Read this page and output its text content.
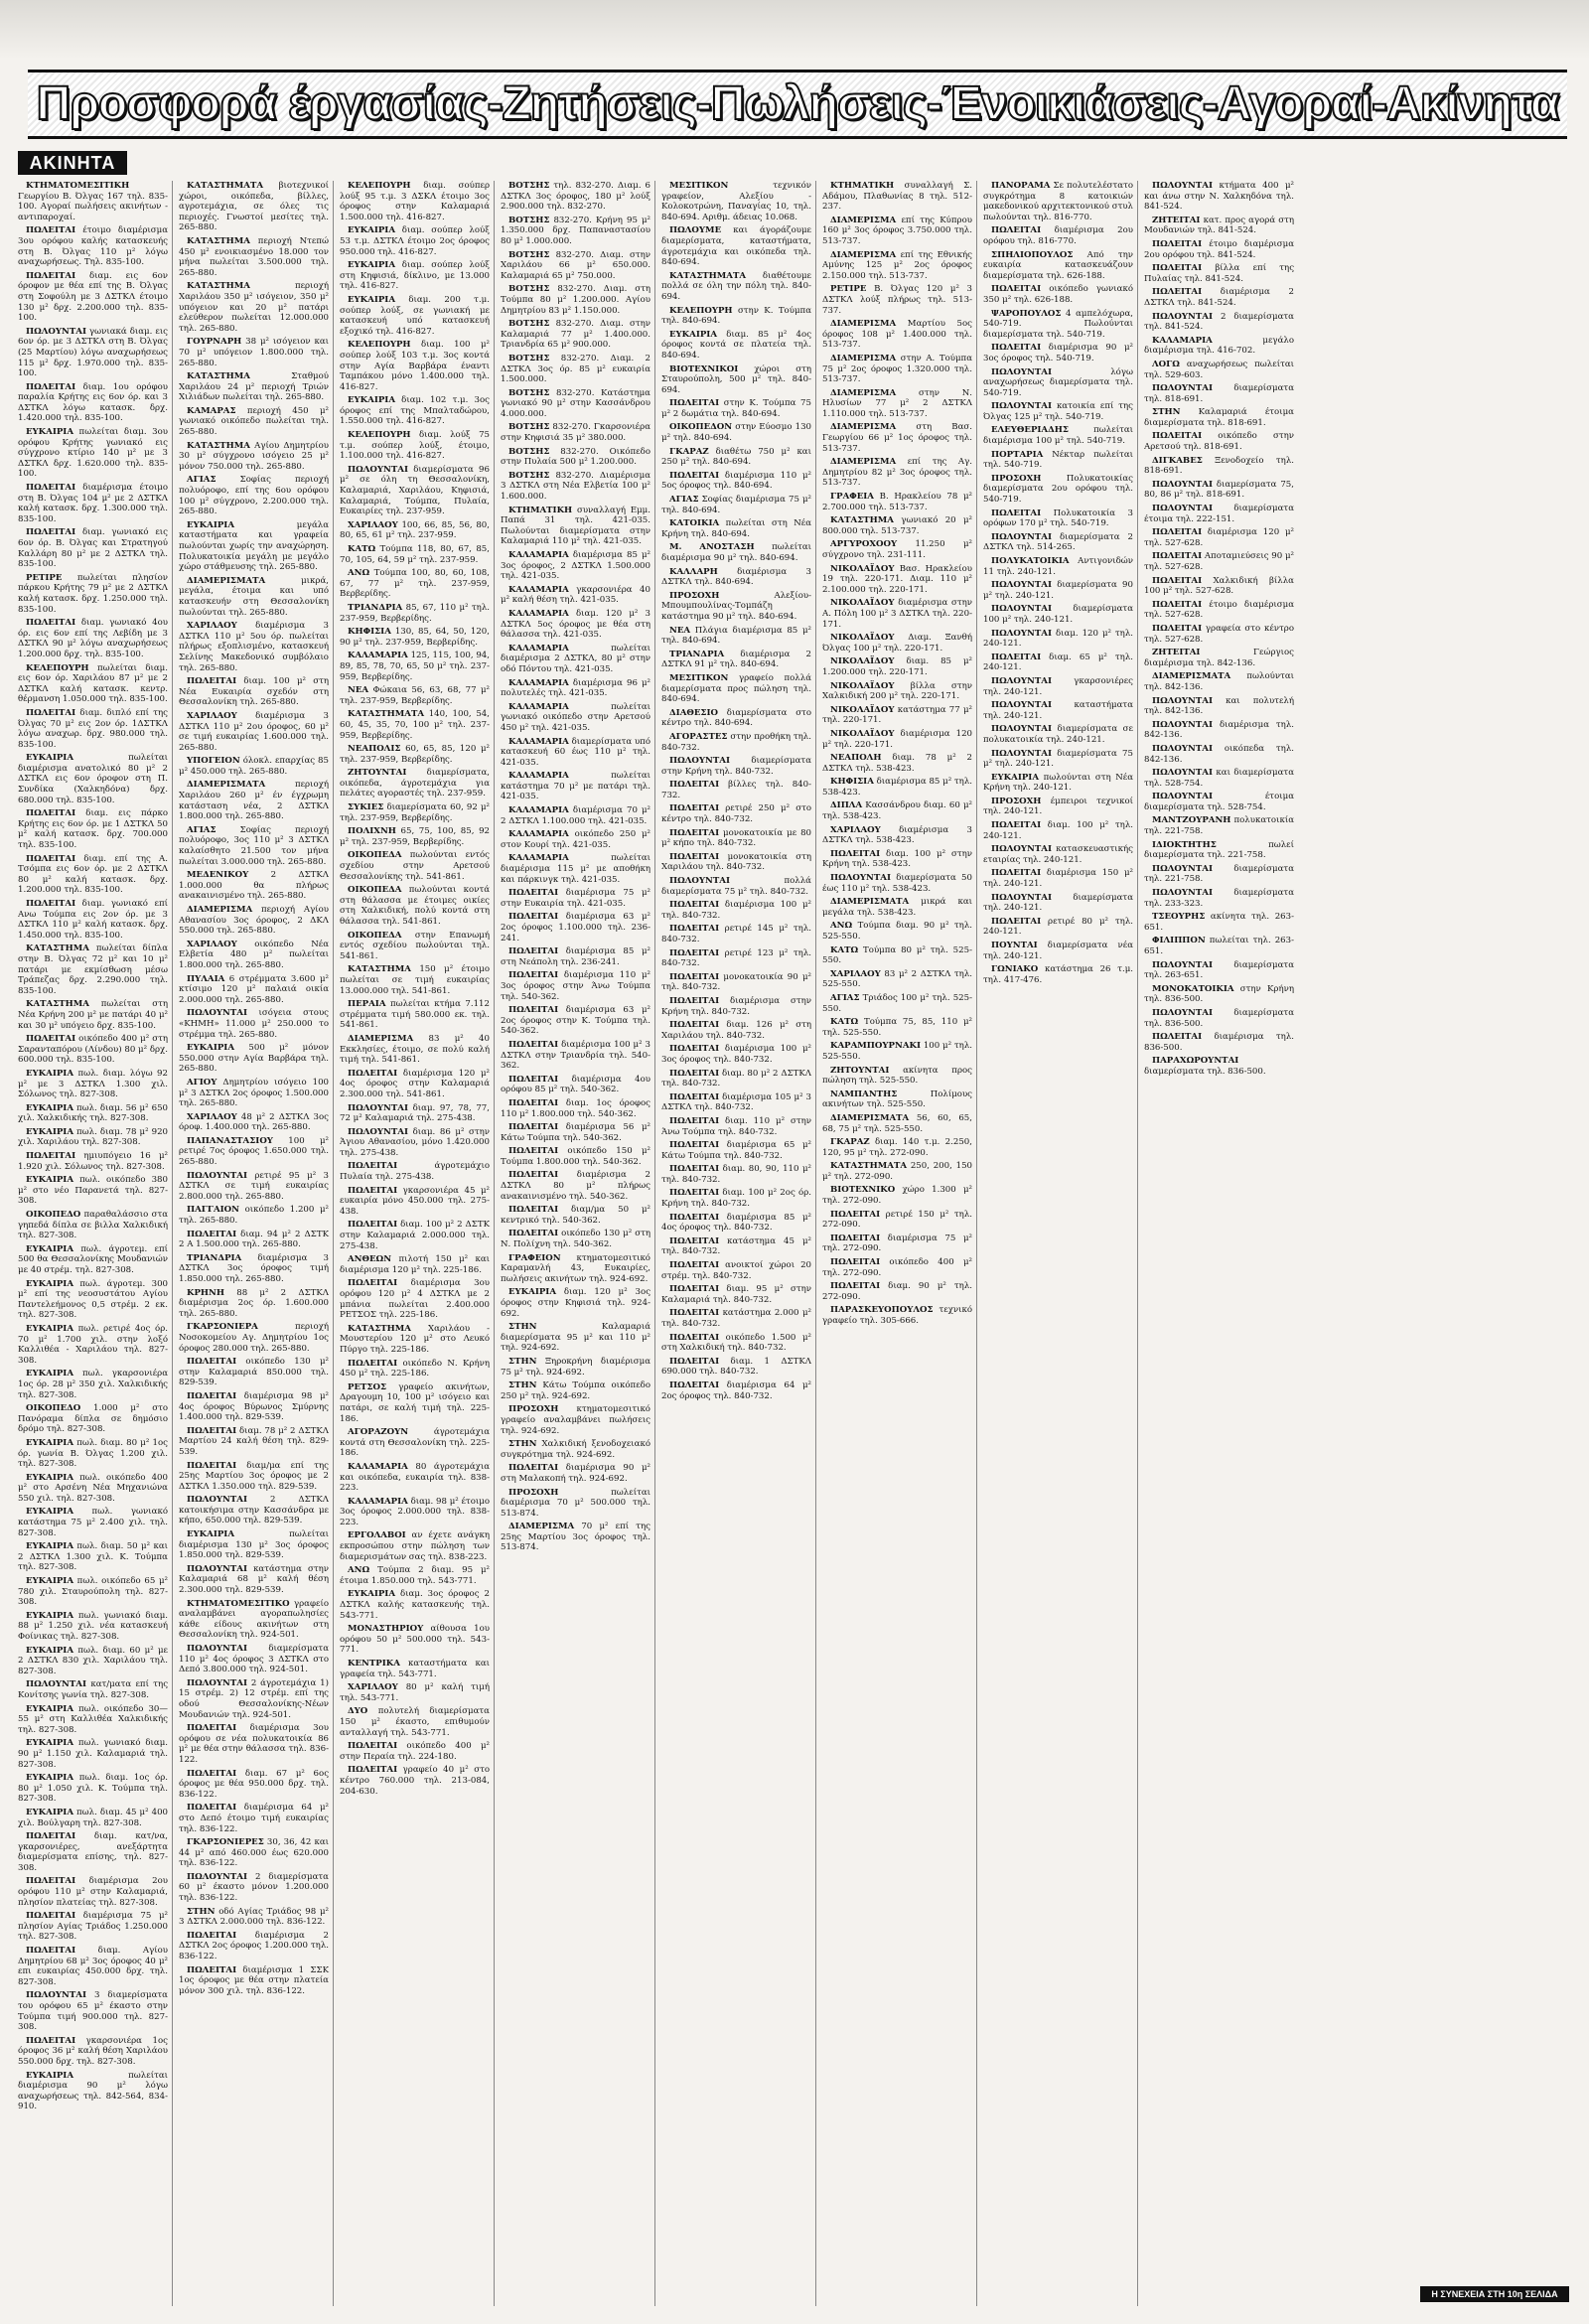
Προσφορά έργασίας-Ζητήσεις-Πωλήσεις-Ένοικιάσεις-Αγοραί-Ακίνητα
ΑΚΙΝΗΤΑ

ΚΤΗΜΑΤΟΜΕΣΙΤΙΚΗ Γεωργίου Β. Όλγας 167 τηλ. 835-100. Αγοραί πωλήσεις ακινήτων - αντιπαροχαί.

ΠΩΛΕΙΤΑΙ έτοιμο διαμέρισμα 3ου ορόφου καλής κατασκευής στη Β. Όλγας 110 μ² λόγω αναχωρήσεως. Τηλ. 835-100.

ΠΩΛΕΙΤΑΙ διαμ. εις 6ον όροφον με θέα επί της Β. Όλγας στη Σοφούλη με 3 ΔΣΤΚΛ έτοιμο 130 μ² δρχ. 2.200.000 τηλ. 835-100.

ΠΩΛΟΥΝΤΑΙ γωνιακά διαμ. εις 6ον όρ. με 3 ΔΣΤΚΛ στη Β. Όλγας (25 Μαρτίου) λόγω αναχωρήσεως 115 μ² δρχ. 1.970.000 τηλ. 835-100.

ΠΩΛΕΙΤΑΙ διαμ. 1ου ορόφου παραλία Κρήτης εις 6ον όρ. και 3 ΔΣΤΚΛ λόγω κατασκ. δρχ. 1.420.000 τηλ. 835-100.

ΕΥΚΑΙΡΙΑ πωλείται διαμ. 3ου ορόφου Κρήτης γωνιακό εις σύγχρονο κτίριο 140 μ² με 3 ΔΣΤΚΛ δρχ. 1.620.000 τηλ. 835-100.

ΠΩΛΕΙΤΑΙ διαμέρισμα έτοιμο στη Β. Όλγας 104 μ² με 2 ΔΣΤΚΛ καλή κατασκ. δρχ. 1.300.000 τηλ. 835-100.

ΠΩΛΕΙΤΑΙ διαμ. γωνιακό εις 6ον όρ. Β. Όλγας και Στρατηγού Καλλάρη 80 μ² με 2 ΔΣΤΚΛ τηλ. 835-100.

ΡΕΤΙΡΕ πωλείται πλησίον πάρκου Κρήτης 79 μ² με 2 ΔΣΤΚΛ καλή κατασκ. δρχ. 1.250.000 τηλ. 835-100.

ΠΩΛΕΙΤΑΙ διαμ. γωνιακό 4ου όρ. εις 6ον επί της Λεβίδη με 3 ΔΣΤΚΛ 90 μ² λόγω αναχωρήσεως 1.200.000 δρχ. τηλ. 835-100.

ΚΕΛΕΠΟΥΡΗ πωλείται διαμ. εις 6ον όρ. Χαριλάου 87 μ² με 2 ΔΣΤΚΛ καλή κατασκ. κεντρ. θέρμανση 1.050.000 τηλ. 835-100.

ΠΩΛΕΙΤΑΙ διαμ. διπλό επί της Όλγας 70 μ² εις 2ον όρ. 1ΔΣΤΚΛ λόγω αναχωρ. δρχ. 980.000 τηλ. 835-100.

ΕΥΚΑΙΡΙΑ	πωλείται διαμέρισμα ανατολικό 80 μ² 2 ΔΣΤΚΛ εις 6ον όροφον στη Π. Συνδίκα (Χαλκηδόνα) δρχ. 680.000 τηλ. 835-100.

ΠΩΛΕΙΤΑΙ διαμ. εις πάρκο Κρήτης εις 6ον όρ. με 1 ΔΣΤΚΛ 50 μ² καλή κατασκ. δρχ. 700.000 τηλ. 835-100.

ΠΩΛΕΙΤΑΙ διαμ. επί της Α. Τσόμπα εις 6ον όρ. με 2 ΔΣΤΚΛ 80 μ² καλή κατασκ. δρχ. 1.200.000 τηλ. 835-100.

ΠΩΛΕΙΤΑΙ διαμ. γωνιακό επί Ανω Τούμπα εις 2ον όρ. με 3 ΔΣΤΚΛ 110 μ² καλή κατασκ. δρχ. 1.450.000 τηλ. 835-100.

ΚΑΤΑΣΤΗΜΑ πωλείται δίπλα στην Β. Όλγας 72 μ² και 10 μ² πατάρι με εκμίσθωση μέσω Τράπεζας δρχ. 2.290.000 τηλ. 835-100.

ΚΑΤΑΣΤΗΜΑ πωλείται στη Νέα Κρήνη 200 μ² με πατάρι 40 μ² και 30 μ² υπόγειο δρχ. 835-100.

ΠΩΛΕΙΤΑΙ οικόπεδο 400 μ² στη Σαρανταπόρου (Λίνδου) 80 μ² δρχ. 600.000 τηλ. 835-100.

ΕΥΚΑΙΡΙΑ πωλ. διαμ. λόγω 92 μ² με 3 ΔΣΤΚΛ 1.300 χιλ. Σόλωνος τηλ. 827-308.

ΕΥΚΑΙΡΙΑ πωλ. διαμ. 56 μ² 650 χιλ. Χαλκιδικής τηλ. 827-308.

ΕΥΚΑΙΡΙΑ πωλ. διαμ. 78 μ² 920 χιλ. Χαριλάου τηλ. 827-308.

ΠΩΛΕΙΤΑΙ ημιυπόγειο 16 μ² 1.920 χιλ. Σόλωνος τηλ. 827-308.

ΕΥΚΑΙΡΙΑ πωλ. οικόπεδο 380 μ² στο νέο Παρανετά τηλ. 827-308.

ΟΙΚΟΠΕΔΟ παραθαλάσσιο στα γηπεδά δίπλα σε βιλλα Χαλκιδική τηλ. 827-308.

ΕΥΚΑΙΡΙΑ πωλ. άγροτεμ. επί 500 θα Θεσσαλονίκης Μουδανιών με 40 στρέμ. τηλ. 827-308.

ΕΥΚΑΙΡΙΑ πωλ. άγροτεμ. 300 μ² επί της νεοσυστάτου Αγίου Παντελεήμονος 0,5 στρέμ. 2 εκ. τηλ. 827-308.

ΕΥΚΑΙΡΙΑ πωλ. ρετιρέ 4ος όρ. 70 μ² 1.700 χιλ. στην λοξό Καλλιθέα - Χαριλάου τηλ. 827-308.

ΕΥΚΑΙΡΙΑ πωλ. γκαρσονιέρα 1ος όρ. 28 μ² 350 χιλ. Χαλκιδικής τηλ. 827-308.

ΟΙΚΟΠΕΔΟ 1.000 μ² στο Πανόραμα δίπλα σε δημόσιο δρόμο τηλ. 827-308.

ΕΥΚΑΙΡΙΑ πωλ. διαμ. 80 μ² 1ος όρ. γωνία Β. Όλγας 1.200 χιλ. τηλ. 827-308.

ΕΥΚΑΙΡΙΑ πωλ. οικόπεδο 400 μ² στο Αρσένη Νέα Μηχανιώνα 550 χιλ. τηλ. 827-308.

ΕΥΚΑΙΡΙΑ πωλ. γωνιακό κατάστημα 75 μ² 2.400 χιλ. τηλ. 827-308.

ΕΥΚΑΙΡΙΑ πωλ. διαμ. 50 μ² και 2 ΔΣΤΚΛ 1.300 χιλ. Κ. Τούμπα τηλ. 827-308.

ΕΥΚΑΙΡΙΑ πωλ. οικόπεδο 65 μ² 780 χιλ. Σταυρούπολη τηλ. 827-308.

ΕΥΚΑΙΡΙΑ πωλ. γωνιακό διαμ. 88 μ² 1.250 χιλ. νέα κατασκευή Φοίνικας τηλ. 827-308.

ΕΥΚΑΙΡΙΑ πωλ. διαμ. 60 μ² με 2 ΔΣΤΚΛ 830 χιλ. Χαριλάου τηλ. 827-308.

ΠΩΛΟΥΝΤΑΙ κατ/ματα επί της Κονίτσης γωνία τηλ. 827-308.

ΕΥΚΑΙΡΙΑ πωλ. οικόπεδο 30—55 μ² στη Καλλιθέα Χαλκιδικής τηλ. 827-308.

ΕΥΚΑΙΡΙΑ πωλ. γωνιακό διαμ. 90 μ² 1.150 χιλ. Καλαμαριά τηλ. 827-308.

ΕΥΚΑΙΡΙΑ πωλ. διαμ. 1ος όρ. 80 μ² 1.050 χιλ. Κ. Τούμπα τηλ. 827-308.

ΕΥΚΑΙΡΙΑ πωλ. διαμ. 45 μ² 400 χιλ. Βούλγαρη τηλ. 827-308.

ΠΩΛΕΙΤΑΙ διαμ. κατ/να, γκαρσονιέρες, ανεξάρτητα διαμερίσματα επίσης, τηλ. 827-308.

ΠΩΛΕΙΤΑΙ διαμέρισμα 2ου ορόφου 110 μ² στην Καλαμαριά, πλησίον πλατείας τηλ. 827-308.

ΠΩΛΕΙΤΑΙ διαμέρισμα 75 μ² πλησίον Αγίας Τριάδος 1.250.000 τηλ. 827-308.

ΠΩΛΕΙΤΑΙ	διαμ. Αγίου Δημητρίου 68 μ² 3ος όροφος 40 μ² επι ευκαιρίας 450.000 δρχ. τηλ. 827-308.

ΠΩΛΟΥΝΤΑΙ 3 διαμερίσματα του ορόφου 65 μ² έκαστο στην Τούμπα τιμή 900.000 τηλ. 827-308.

ΠΩΛΕΙΤΑΙ γκαρσονιέρα 1ος όροφος 36 μ² καλή θέση Χαριλάου 550.000 δρχ. τηλ. 827-308.

ΕΥΚΑΙΡΙΑ	πωλείται διαμέρισμα 90 μ² λόγω αναχωρήσεως τηλ. 842-564, 834-910.

ΚΑΤΑΣΤΗΜΑΤΑ βιοτεχνικοί χώροι, οικόπεδα, βίλλες, αγροτεμάχια, σε όλες τις περιοχές. Γνωστοί μεσίτες τηλ. 265-880.

ΚΑΤΑΣΤΗΜΑ περιοχή Ντεπώ 450 μ² ενοικιασμένο 18.000 τον μήνα πωλείται 3.500.000 τηλ. 265-880.

ΚΑΤΑΣΤΗΜΑ	περιοχή Χαριλάου 350 μ² ισόγειον, 350 μ² υπόγειον και 20 μ² πατάρι ελεύθερον πωλείται 12.000.000 τηλ. 265-880.

ΓΟΥΡΝΑΡΗ 38 μ² ισόγειον και 70 μ² υπόγειον 1.800.000 τηλ. 265-880.

ΚΑΤΑΣΤΗΜΑ	Σταθμού Χαριλάου 24 μ² περιοχή Τριών Χιλιάδων πωλείται τηλ. 265-880.

ΚΑΜΑΡΑΣ περιοχή 450 μ² γωνιακό οικόπεδο πωλείται τηλ. 265-880.

ΚΑΤΑΣΤΗΜΑ Αγίου Δημητρίου 30 μ² σύγχρονο ισόγειο 25 μ² μόνον 750.000 τηλ. 265-880.

ΑΓΙΑΣ	Σοφίας περιοχή πολυόροφο, επί της 6ου ορόφου 100 μ² σύγχρονο, 2.200.000 τηλ. 265-880.

ΕΥΚΑΙΡΙΑ	μεγάλα καταστήματα και γραφεία πωλούνται χωρίς την αναχώρηση. Πολυκατοικία μεγάλη με μεγάλο χώρο στάθμευσης τηλ. 265-880.

ΔΙΑΜΕΡΙΣΜΑΤΑ	μικρά, μεγάλα, έτοιμα και υπό κατασκευήν στη Θεσσαλονίκη πωλούνται τηλ. 265-880.

ΧΑΡΙΛΑΟΥ διαμέρισμα 3 ΔΣΤΚΛ 110 μ² 5ου όρ. πωλείται πλήρως εξοπλισμένο, κατασκευή Σελίνης Μακεδονικό συμβόλαιο τηλ. 265-880.

ΠΩΛΕΙΤΑΙ διαμ. 100 μ² στη Νέα Ευκαιρία σχεδόν στη Θεσσαλονίκη τηλ. 265-880.

ΧΑΡΙΛΑΟΥ διαμέρισμα 3 ΔΣΤΚΛ 110 μ² 2ου όροφος, 60 μ² σε τιμή ευκαιρίας 1.600.000 τηλ. 265-880.

ΥΠΟΓΕΙΟΝ όλοκλ. επαρχίας 85 μ² 450.000 τηλ. 265-880.

ΔΙΑΜΕΡΙΣΜΑΤΑ	περιοχή Χαριλάου 260 μ² έν έγχρωμη κατάσταση νέα, 2 ΔΣΤΚΛ 1.800.000 τηλ. 265-880.

ΑΓΙΑΣ	Σοφίας περιοχή πολυόροφο, 3ος 110 μ² 3 ΔΣΤΚΛ καλαίσθητο 21.500 τον μήνα πωλείται 3.000.000 τηλ. 265-880.

ΜΕΔΕΝΙΚΟΥ	2 ΔΣΤΚΛ 1.000.000 θα πλήρως ανακαινισμένο τηλ. 265-880.

ΔΙΑΜΕΡΙΣΜΑ περιοχή Αγίου Αθανασίου 3ος όροφος, 2 ΔΚΛ 550.000 τηλ. 265-880.

ΧΑΡΙΛΑΟΥ οικόπεδο Νέα Ελβετία 480 μ² πωλείται 1.800.000 τηλ. 265-880.

ΠΥΛΑΙΑ 6 στρέμματα 3.600 μ² κτίσιμο 120 μ² παλαιά οικία 2.000.000 τηλ. 265-880.

ΠΩΛΟΥΝΤΑΙ ισόγεια στους «ΚΗΜΗ» 11.000 μ² 250.000 το στρέμμα τηλ. 265-880.

ΕΥΚΑΙΡΙΑ 500 μ² μόνον 550.000 στην Αγία Βαρβάρα τηλ. 265-880.

ΑΓΙΟΥ Δημητρίου ισόγειο 100 μ² 3 ΔΣΤΚΛ 2ος όροφος 1.500.000 τηλ. 265-880.

ΧΑΡΙΛΑΟΥ 48 μ² 2 ΔΣΤΚΛ 3ος όροφ. 1.400.000 τηλ. 265-880.

ΠΑΠΑΝΑΣΤΑΣΙΟΥ 100 μ² ρετιρέ 7ος όροφος 1.650.000 τηλ. 265-880.

ΠΩΛΟΥΝΤΑΙ ρετιρέ 95 μ² 3 ΔΣΤΚΛ σε τιμή ευκαιρίας 2.800.000 τηλ. 265-880.

ΠΑΓΓΑΙΟΝ οικόπεδο 1.200 μ² τηλ. 265-880.

ΠΩΛΕΙΤΑΙ διαμ. 94 μ² 2 ΔΣΤΚ 2 Α 1.500.000 τηλ. 265-880.

ΤΡΙΑΝΔΡΙΑ διαμέρισμα 3 ΔΣΤΚΛ 3ος όροφος τιμή 1.850.000 τηλ. 265-880.

ΚΡΗΝΗ 88 μ² 2 ΔΣΤΚΛ διαμέρισμα 2ος όρ. 1.600.000 τηλ. 265-880.

ΓΚΑΡΣΟΝΙΕΡΑ	περιοχή Νοσοκομείου Αγ. Δημητρίου 1ος όροφος 280.000 τηλ. 265-880.

ΠΩΛΕΙΤΑΙ οικόπεδο 130 μ² στην Καλαμαριά 850.000 τηλ. 829-539.

ΠΩΛΕΙΤΑΙ διαμέρισμα 98 μ² 4ος όροφος Βύρωνος Σμύρνης 1.400.000 τηλ. 829-539.

ΠΩΛΕΙΤΑΙ διαμ. 78 μ² 2 ΔΣΤΚΛ Μαρτίου 24 καλή θέση τηλ. 829-539.

ΠΩΛΕΙΤΑΙ διαμ/μα επί της 25ης Μαρτίου 3ος όροφος με 2 ΔΣΤΚΛ 1.350.000 τηλ. 829-539.

ΠΩΛΟΥΝΤΑΙ	2 ΔΣΤΚΛ κατοικήσιμα στην Κασσάνδρα με κήπο, 650.000 τηλ. 829-539.

ΕΥΚΑΙΡΙΑ	πωλείται διαμέρισμα 130 μ² 3ος όροφος 1.850.000 τηλ. 829-539.

ΠΩΛΟΥΝΤΑΙ κατάστημα στην Καλαμαριά 68 μ² καλή θέση 2.300.000 τηλ. 829-539.

ΚΤΗΜΑΤΟΜΕΣΙΤΙΚΟ γραφείο αναλαμβάνει αγοραπωλησίες κάθε είδους ακινήτων στη Θεσσαλονίκη τηλ. 924-501.

ΠΩΛΟΥΝΤΑΙ διαμερίσματα 110 μ² 4ος όροφος 3 ΔΣΤΚΛ στο Δεπό 3.800.000 τηλ. 924-501.

ΠΩΛΟΥΝΤΑΙ 2 άγροτεμάχια 1) 15 στρέμ. 2) 12 στρέμ. επί της οδού Θεσσαλονίκης-Νέων Μουδανιών τηλ. 924-501.

ΠΩΛΕΙΤΑΙ διαμέρισμα 3ου ορόφου σε νέα πολυκατοικία 86 μ² με θέα στην θάλασσα τηλ. 836-122.

ΠΩΛΕΙΤΑΙ διαμ. 67 μ² 6ος όροφος με θέα 950.000 δρχ. τηλ. 836-122.

ΠΩΛΕΙΤΑΙ διαμέρισμα 64 μ² στο Δεπό έτοιμο τιμή ευκαιρίας τηλ. 836-122.

ΓΚΑΡΣΟΝΙΕΡΕΣ 30, 36, 42 και 44 μ² από 460.000 έως 620.000 τηλ. 836-122.

ΠΩΛΟΥΝΤΑΙ 2 διαμερίσματα 60 μ² έκαστο μόνον 1.200.000 τηλ. 836-122.

ΣΤΗΝ οδό Αγίας Τριάδος 98 μ² 3 ΔΣΤΚΛ 2.000.000 τηλ. 836-122.

ΠΩΛΕΙΤΑΙ διαμέρισμα 2 ΔΣΤΚΛ 2ος όροφος 1.200.000 τηλ. 836-122.

ΠΩΛΕΙΤΑΙ διαμέρισμα 1 ΣΣΚ 1ος όροφος με θέα στην πλατεία μόνον 300 χιλ. τηλ. 836-122.

ΚΕΛΕΠΟΥΡΗ διαμ. σούπερ λούξ 95 τ.μ. 3 ΔΣΚΛ έτοιμο 3ος όροφος στην Καλαμαριά 1.500.000 τηλ. 416-827.

ΕΥΚΑΙΡΙΑ διαμ. σούπερ λούξ 53 τ.μ. ΔΣΤΚΛ έτοιμο 2ος όροφος 950.000 τηλ. 416-827.

ΕΥΚΑΙΡΙΑ διαμ. σούπερ λούξ στη Κηφισιά, δίκλινο, με 13.000 τηλ. 416-827.

ΕΥΚΑΙΡΙΑ διαμ. 200 τ.μ. σούπερ λούξ, σε γωνιακή με κατασκευή υπό κατασκευή εξοχικό τηλ. 416-827.

ΚΕΛΕΠΟΥΡΗ διαμ. 100 μ² σούπερ λούξ 103 τ.μ. 3ος κοντά στην Αγία Βαρβάρα έναντι Ταμπάκου μόνο 1.400.000 τηλ. 416-827.

ΕΥΚΑΙΡΙΑ διαμ. 102 τ.μ. 3ος όροφος επί της Μπαλταδώρου, 1.550.000 τηλ. 416-827.

ΚΕΛΕΠΟΥΡΗ διαμ. λούξ 75 τ.μ. σούπερ λούξ, έτοιμο, 1.100.000 τηλ. 416-827.

ΠΩΛΟΥΝΤΑΙ διαμερίσματα 96 μ² σε όλη τη Θεσσαλονίκη, Καλαμαριά, Χαριλάου, Κηφισιά, Καλαμαριά, Τούμπα, Πυλαία, Ευκαιρίες τηλ. 237-959.

ΧΑΡΙΛΑΟΥ 100, 66, 85, 56, 80, 80, 65, 61 μ² τηλ. 237-959.

ΚΑΤΩ Τούμπα 118, 80, 67, 85, 70, 105, 64, 59 μ² τηλ. 237-959.

ΑΝΩ Τούμπα 100, 80, 60, 108, 67, 77 μ² τηλ. 237-959, Βερβερίδης.

ΤΡΙΑΝΔΡΙΑ 85, 67, 110 μ² τηλ. 237-959, Βερβερίδης.

ΚΗΦΙΣΙΑ 130, 85, 64, 50, 120, 90 μ² τηλ. 237-959, Βερβερίδης.

ΚΑΛΑΜΑΡΙΑ 125, 115, 100, 94, 89, 85, 78, 70, 65, 50 μ² τηλ. 237-959, Βερβερίδης.

ΝΕΑ Φώκαια 56, 63, 68, 77 μ² τηλ. 237-959, Βερβερίδης.

ΚΑΤΑΣΤΗΜΑΤΑ 140, 100, 54, 60, 45, 35, 70, 100 μ² τηλ. 237-959, Βερβερίδης.

ΝΕΑΠΟΛΙΣ 60, 65, 85, 120 μ² τηλ. 237-959, Βερβερίδης.

ΖΗΤΟΥΝΤΑΙ διαμερίσματα, οικόπεδα, άγροτεμάχια για πελάτες αγοραστές τηλ. 237-959.

ΣΥΚΙΕΣ διαμερίσματα 60, 92 μ² τηλ. 237-959, Βερβερίδης.

ΠΟΛΙΧΝΗ 65, 75, 100, 85, 92 μ² τηλ. 237-959, Βερβερίδης.

ΟΙΚΟΠΕΔΑ πωλούνται εντός σχεδίου στην Αρετσού Θεσσαλονίκης τηλ. 541-861.

ΟΙΚΟΠΕΔΑ πωλούνται κοντά στη θάλασσα με έτοιμες οικίες στη Χαλκιδική, πολύ κοντά στη θάλασσα τηλ. 541-861.

ΟΙΚΟΠΕΔΑ στην Επανωμή εντός σχεδίου πωλούνται τηλ. 541-861.

ΚΑΤΑΣΤΗΜΑ 150 μ² έτοιμο πωλείται σε τιμή ευκαιρίας 13.000.000 τηλ. 541-861.

ΠΕΡΑΙΑ πωλείται κτήμα 7.112 στρέμματα τιμή 580.000 εκ. τηλ. 541-861.

ΔΙΑΜΕΡΙΣΜΑ 83 μ² 40 Εκκλησίες, έτοιμο, σε πολύ καλή τιμή τηλ. 541-861.

ΠΩΛΕΙΤΑΙ διαμέρισμα 120 μ² 4ος όροφος στην Καλαμαριά 2.300.000 τηλ. 541-861.

ΠΩΛΟΥΝΤΑΙ διαμ. 97, 78, 77, 72 μ² Καλαμαριά τηλ. 275-438.

ΠΩΛΟΥΝΤΑΙ διαμ. 86 μ² στην Άγιου Αθανασίου, μόνο 1.420.000 τηλ. 275-438.

ΠΩΛΕΙΤΑΙ	άγροτεμάχιο Πυλαία τηλ. 275-438.

ΠΩΛΕΙΤΑΙ γκαρσονιέρα 45 μ² ευκαιρία μόνο 450.000 τηλ. 275-438.

ΠΩΛΕΙΤΑΙ διαμ. 100 μ² 2 ΔΣΤΚ στην Καλαμαριά 2.000.000 τηλ. 275-438.

ΑΝΘΕΩΝ πιλοτή 150 μ² και διαμέρισμα 120 μ² τηλ. 225-186.

ΠΩΛΕΙΤΑΙ διαμέρισμα 3ου ορόφου 120 μ² 4 ΔΣΤΚΛ με 2 μπάνια πωλείται 2.400.000 ΡΕΤΣΟΣ τηλ. 225-186.

ΚΑΤΑΣΤΗΜΑ Χαριλάου - Μουστερίου 120 μ² στο Λευκό Πύργο τηλ. 225-186.

ΠΩΛΕΙΤΑΙ οικόπεδο Ν. Κρήνη 450 μ² τηλ. 225-186.

ΡΕΤΣΟΣ γραφείο ακινήτων, Δραγουμη 10, 100 μ² ισόγειο και πατάρι, σε καλή τιμή τηλ. 225-186.

ΑΓΟΡΑΖΟΥΝ	άγροτεμάχια κοντά στη Θεσσαλονίκη τηλ. 225-186.

ΚΑΛΑΜΑΡΙΑ 80 άγροτεμάχια και οικόπεδα, ευκαιρία τηλ. 838-223.

ΚΑΛΑΜΑΡΙΑ διαμ. 98 μ² έτοιμο 3ος όροφος 2.000.000 τηλ. 838-223.

ΕΡΓΟΛΑΒΟΙ αν έχετε ανάγκη εκπροσώπου στην πώληση των διαμερισμάτων σας τηλ. 838-223.

ΑΝΩ Τούμπα 2 διαμ. 95 μ² έτοιμα 1.850.000 τηλ. 543-771.

ΕΥΚΑΙΡΙΑ διαμ. 3ος όροφος 2 ΔΣΤΚΛ καλής κατασκευής τηλ. 543-771.

ΜΟΝΑΣΤΗΡΙΟΥ αίθουσα 1ου ορόφου 50 μ² 500.000 τηλ. 543-771.

ΚΕΝΤΡΙΚΑ καταστήματα και γραφεία τηλ. 543-771.

ΧΑΡΙΛΑΟΥ 80 μ² καλή τιμή τηλ. 543-771.

ΔΥΟ πολυτελή διαμερίσματα 150 μ² έκαστο, επιθυμούν ανταλλαγή τηλ. 543-771.

ΠΩΛΕΙΤΑΙ οικόπεδο 400 μ² στην Περαία τηλ. 224-180.

ΠΩΛΕΙΤΑΙ γραφείο 40 μ² στο κέντρο 760.000 τηλ. 213-084, 204-630.

ΒΟΤΣΗΣ τηλ. 832-270. Διαμ. 6 ΔΣΤΚΛ 3ος όροφος, 180 μ² λούξ 2.900.000 τηλ. 832-270.

ΒΟΤΣΗΣ 832-270. Κρήνη 95 μ² 1.350.000 δρχ. Παπαναστασίου 80 μ² 1.000.000.

ΒΟΤΣΗΣ 832-270. Διαμ. στην Χαριλάου 66 μ² 650.000. Καλαμαριά 65 μ² 750.000.

ΒΟΤΣΗΣ 832-270. Διαμ. στη Τούμπα 80 μ² 1.200.000. Αγίου Δημητρίου 83 μ² 1.150.000.

ΒΟΤΣΗΣ 832-270. Διαμ. στην Καλαμαριά 77 μ² 1.400.000. Τριανδρία 65 μ² 900.000.

ΒΟΤΣΗΣ 832-270. Διαμ. 2 ΔΣΤΚΛ 3ος όρ. 85 μ² ευκαιρία 1.500.000.

ΒΟΤΣΗΣ 832-270. Κατάστημα γωνιακό 90 μ² στην Κασσάνδρου 4.000.000.

ΒΟΤΣΗΣ 832-270. Γκαρσονιέρα στην Κηφισιά 35 μ² 380.000.

ΒΟΤΣΗΣ 832-270. Οικόπεδο στην Πυλαία 500 μ² 1.200.000.

ΒΟΤΣΗΣ 832-270. Διαμέρισμα 3 ΔΣΤΚΛ στη Νέα Ελβετία 100 μ² 1.600.000.

ΚΤΗΜΑΤΙΚΗ συναλλαγή Εμμ. Παπά 31 τηλ. 421-035. Πωλούνται διαμερίσματα στην Καλαμαριά 110 μ² τηλ. 421-035.

ΚΑΛΑΜΑΡΙΑ διαμέρισμα 85 μ² 3ος όροφος, 2 ΔΣΤΚΛ 1.500.000 τηλ. 421-035.

ΚΑΛΑΜΑΡΙΑ γκαρσονιέρα 40 μ² καλή θέση τηλ. 421-035.

ΚΑΛΑΜΑΡΙΑ διαμ. 120 μ² 3 ΔΣΤΚΛ 5ος όροφος με θέα στη θάλασσα τηλ. 421-035.

ΚΑΛΑΜΑΡΙΑ	πωλείται διαμέρισμα 2 ΔΣΤΚΛ, 80 μ² στην οδό Πόντου τηλ. 421-035.

ΚΑΛΑΜΑΡΙΑ διαμέρισμα 96 μ² πολυτελές τηλ. 421-035.

ΚΑΛΑΜΑΡΙΑ	πωλείται γωνιακό οικόπεδο στην Αρετσού 450 μ² τηλ. 421-035.

ΚΑΛΑΜΑΡΙΑ διαμερίσματα υπό κατασκευή 60 έως 110 μ² τηλ. 421-035.

ΚΑΛΑΜΑΡΙΑ	πωλείται κατάστημα 70 μ² με πατάρι τηλ. 421-035.

ΚΑΛΑΜΑΡΙΑ διαμέρισμα 70 μ² 2 ΔΣΤΚΛ 1.100.000 τηλ. 421-035.

ΚΑΛΑΜΑΡΙΑ οικόπεδο 250 μ² στον Κουρί τηλ. 421-035.

ΚΑΛΑΜΑΡΙΑ	πωλείται διαμέρισμα 115 μ² με αποθήκη και πάρκινγκ τηλ. 421-035.

ΠΩΛΕΙΤΑΙ διαμέρισμα 75 μ² στην Ευκαιρία τηλ. 421-035.

ΠΩΛΕΙΤΑΙ διαμέρισμα 63 μ² 2ος όροφος 1.100.000 τηλ. 236-241.

ΠΩΛΕΙΤΑΙ διαμέρισμα 85 μ² στη Νεάπολη τηλ. 236-241.

ΠΩΛΕΙΤΑΙ διαμέρισμα 110 μ² 3ος όροφος στην Άνω Τούμπα τηλ. 540-362.

ΠΩΛΕΙΤΑΙ διαμέρισμα 63 μ² 2ος όροφος στην Κ. Τούμπα τηλ. 540-362.

ΠΩΛΕΙΤΑΙ διαμέρισμα 100 μ² 3 ΔΣΤΚΛ στην Τριανδρία τηλ. 540-362.

ΠΩΛΕΙΤΑΙ διαμέρισμα 4ου ορόφου 85 μ² τηλ. 540-362.

ΠΩΛΕΙΤΑΙ διαμ. 1ος όροφος 110 μ² 1.800.000 τηλ. 540-362.

ΠΩΛΕΙΤΑΙ διαμέρισμα 56 μ² Κάτω Τούμπα τηλ. 540-362.

ΠΩΛΕΙΤΑΙ οικόπεδο 150 μ² Τούμπα 1.800.000 τηλ. 540-362.

ΠΩΛΕΙΤΑΙ διαμέρισμα 2 ΔΣΤΚΛ 80 μ² πλήρως ανακαινισμένο τηλ. 540-362.

ΠΩΛΕΙΤΑΙ διαμ/μα 50 μ² κεντρικό τηλ. 540-362.

ΠΩΛΕΙΤΑΙ οικόπεδο 130 μ² στη Ν. Πολίχνη τηλ. 540-362.

ΓΡΑΦΕΙΟΝ κτηματομεσιτικό Καραμανλή 43, Ευκαιρίες, πωλήσεις ακινήτων τηλ. 924-692.

ΕΥΚΑΙΡΙΑ διαμ. 120 μ² 3ος όροφος στην Κηφισιά τηλ. 924-692.

ΣΤΗΝ	Καλαμαριά διαμερίσματα 95 μ² και 110 μ² τηλ. 924-692.

ΣΤΗΝ Ξηροκρήνη διαμέρισμα 75 μ² τηλ. 924-692.

ΣΤΗΝ Κάτω Τούμπα οικόπεδο 250 μ² τηλ. 924-692.

ΠΡΟΣΟΧΗ κτηματομεσιτικό γραφείο αναλαμβάνει πωλήσεις τηλ. 924-692.

ΣΤΗΝ Χαλκιδική ξενοδοχειακό συγκρότημα τηλ. 924-692.

ΠΩΛΕΙΤΑΙ διαμέρισμα 90 μ² στη Μαλακοπή τηλ. 924-692.

ΠΡΟΣΟΧΗ	πωλείται διαμέρισμα 70 μ² 500.000 τηλ. 513-874.

ΔΙΑΜΕΡΙΣΜΑ 70 μ² επί της 25ης Μαρτίου 3ος όροφος τηλ. 513-874.

ΜΕΣΙΤΙΚΟΝ	τεχνικόν γραφείον, Αλεξίου - Κολοκοτρώνη, Παναγίας 10, τηλ. 840-694. Αριθμ. άδειας 10.068.

ΠΩΛΟΥΜΕ και άγοράζουμε διαμερίσματα, καταστήματα, άγροτεμάχια και οικόπεδα τηλ. 840-694.

ΚΑΤΑΣΤΗΜΑΤΑ διαθέτουμε πολλά σε όλη την πόλη τηλ. 840-694.

ΚΕΛΕΠΟΥΡΗ στην Κ. Τούμπα τηλ. 840-694.

ΕΥΚΑΙΡΙΑ διαμ. 85 μ² 4ος όροφος κοντά σε πλατεία τηλ. 840-694.

ΒΙΟΤΕΧΝΙΚΟΙ χώροι στη Σταυρούπολη, 500 μ² τηλ. 840-694.

ΠΩΛΕΙΤΑΙ στην Κ. Τούμπα 75 μ² 2 δωμάτια τηλ. 840-694.

ΟΙΚΟΠΕΔΟΝ στην Εύοσμο 130 μ² τηλ. 840-694.

ΓΚΑΡΑΖ διαθέτω 750 μ² και 250 μ² τηλ. 840-694.

ΠΩΛΕΙΤΑΙ διαμέρισμα 110 μ² 5ος όροφος τηλ. 840-694.

ΑΓΙΑΣ Σοφίας διαμέρισμα 75 μ² τηλ. 840-694.

ΚΑΤΟΙΚΙΑ πωλείται στη Νέα Κρήνη τηλ. 840-694.

Μ. ΑΝΟΣΤΑΣΗ πωλείται διαμέρισμα 90 μ² τηλ. 840-694.

ΚΑΛΛΑΡΗ διαμέρισμα 3 ΔΣΤΚΛ τηλ. 840-694.

ΠΡΟΣΟΧΗ	Αλεξίου-Μπουμπουλίνας-Τομπάζη κατάστημα 90 μ² τηλ. 840-694.

ΝΕΑ Πλάγια διαμέρισμα 85 μ² τηλ. 840-694.

ΤΡΙΑΝΔΡΙΑ διαμέρισμα 2 ΔΣΤΚΛ 91 μ² τηλ. 840-694.

ΜΕΣΙΤΙΚΟΝ γραφείο πολλά διαμερίσματα προς πώληση τηλ. 840-694.

ΔΙΑΘΕΣΙΟ διαμερίσματα στο κέντρο τηλ. 840-694.

ΑΓΟΡΑΣΤΕΣ στην προθήκη τηλ. 840-732.

ΠΩΛΟΥΝΤΑΙ διαμερίσματα στην Κρήνη τηλ. 840-732.

ΠΩΛΕΙΤΑΙ βίλλες τηλ. 840-732.

ΠΩΛΕΙΤΑΙ ρετιρέ 250 μ² στο κέντρο τηλ. 840-732.

ΠΩΛΕΙΤΑΙ μονοκατοικία με 80 μ² κήπο τηλ. 840-732.

ΠΩΛΕΙΤΑΙ μονοκατοικία στη Χαριλάου τηλ. 840-732.

ΠΩΛΟΥΝΤΑΙ	πολλά διαμερίσματα 75 μ² τηλ. 840-732.

ΠΩΛΕΙΤΑΙ διαμέρισμα 100 μ² τηλ. 840-732.

ΠΩΛΕΙΤΑΙ ρετιρέ 145 μ² τηλ. 840-732.

ΠΩΛΕΙΤΑΙ ρετιρέ 123 μ² τηλ. 840-732.

ΠΩΛΕΙΤΑΙ μονοκατοικία 90 μ² τηλ. 840-732.

ΠΩΛΕΙΤΑΙ διαμέρισμα στην Κρήνη τηλ. 840-732.

ΠΩΛΕΙΤΑΙ διαμ. 126 μ² στη Χαριλάου τηλ. 840-732.

ΠΩΛΕΙΤΑΙ διαμέρισμα 100 μ² 3ος όροφος τηλ. 840-732.

ΠΩΛΕΙΤΑΙ διαμ. 80 μ² 2 ΔΣΤΚΛ τηλ. 840-732.

ΠΩΛΕΙΤΑΙ διαμέρισμα 105 μ² 3 ΔΣΤΚΛ τηλ. 840-732.

ΠΩΛΕΙΤΑΙ διαμ. 110 μ² στην Άνω Τούμπα τηλ. 840-732.

ΠΩΛΕΙΤΑΙ διαμέρισμα 65 μ² Κάτω Τούμπα τηλ. 840-732.

ΠΩΛΕΙΤΑΙ διαμ. 80, 90, 110 μ² τηλ. 840-732.

ΠΩΛΕΙΤΑΙ διαμ. 100 μ² 2ος όρ. Κρήνη τηλ. 840-732.

ΠΩΛΕΙΤΑΙ διαμέρισμα 85 μ² 4ος όροφος τηλ. 840-732.

ΠΩΛΕΙΤΑΙ κατάστημα 45 μ² τηλ. 840-732.

ΠΩΛΕΙΤΑΙ ανοικτοί χώροι 20 στρέμ. τηλ. 840-732.

ΠΩΛΕΙΤΑΙ διαμ. 95 μ² στην Καλαμαριά τηλ. 840-732.

ΠΩΛΕΙΤΑΙ κατάστημα 2.000 μ² τηλ. 840-732.

ΠΩΛΕΙΤΑΙ οικόπεδο 1.500 μ² στη Χαλκιδική τηλ. 840-732.

ΠΩΛΕΙΤΑΙ διαμ. 1 ΔΣΤΚΛ 690.000 τηλ. 840-732.

ΠΩΛΕΙΤΑΙ διαμέρισμα 64 μ² 2ος όροφος τηλ. 840-732.

ΚΤΗΜΑΤΙΚΗ συναλλαγή Σ. Αδάμου, Πλαθωνίας 8 τηλ. 512-237.

ΔΙΑΜΕΡΙΣΜΑ επί της Κύπρου 160 μ² 3ος όροφος 3.750.000 τηλ. 513-737.

ΔΙΑΜΕΡΙΣΜΑ επί της Εθνικής Αμύνης 125 μ² 2ος όροφος 2.150.000 τηλ. 513-737.

ΡΕΤΙΡΕ Β. Όλγας 120 μ² 3 ΔΣΤΚΛ λούξ πλήρως τηλ. 513-737.

ΔΙΑΜΕΡΙΣΜΑ Μαρτίου 5ος όροφος 108 μ² 1.400.000 τηλ. 513-737.

ΔΙΑΜΕΡΙΣΜΑ στην Α. Τούμπα 75 μ² 2ος όροφος 1.320.000 τηλ. 513-737.

ΔΙΑΜΕΡΙΣΜΑ	στην Ν. Ηλυσίων 77 μ² 2 ΔΣΤΚΛ 1.110.000 τηλ. 513-737.

ΔΙΑΜΕΡΙΣΜΑ στη Βασ. Γεωργίου 66 μ² 1ος όροφος τηλ. 513-737.

ΔΙΑΜΕΡΙΣΜΑ επί της Αγ. Δημητρίου 82 μ² 3ος όροφος τηλ. 513-737.

ΓΡΑΦΕΙΑ Β. Ηρακλείου 78 μ² 2.700.000 τηλ. 513-737.

ΚΑΤΑΣΤΗΜΑ γωνιακό 20 μ² 800.000 τηλ. 513-737.

ΑΡΓΥΡΟΧΟΟΥ 11.250 μ² σύγχρονο τηλ. 231-111.

ΝΙΚΟΛΑΪΔΟΥ Βασ. Ηρακλείου 19 τηλ. 220-171. Διαμ. 110 μ² 2.100.000 τηλ. 220-171.

ΝΙΚΟΛΑΪΔΟΥ διαμέρισμα στην Α. Πόλη 100 μ² 3 ΔΣΤΚΛ τηλ. 220-171.

ΝΙΚΟΛΑΪΔΟΥ Διαμ. Ξανθή Όλγας 100 μ² τηλ. 220-171.

ΝΙΚΟΛΑΪΔΟΥ διαμ. 85 μ² 1.200.000 τηλ. 220-171.

ΝΙΚΟΛΑΪΔΟΥ βίλλα στην Χαλκιδική 200 μ² τηλ. 220-171.

ΝΙΚΟΛΑΪΔΟΥ κατάστημα 77 μ² τηλ. 220-171.

ΝΙΚΟΛΑΪΔΟΥ διαμέρισμα 120 μ² τηλ. 220-171.

ΝΕΑΠΟΛΗ διαμ. 78 μ² 2 ΔΣΤΚΛ τηλ. 538-423.

ΚΗΦΙΣΙΑ διαμέρισμα 85 μ² τηλ. 538-423.

ΔΙΠΛΑ Κασσάνδρου διαμ. 60 μ² τηλ. 538-423.

ΧΑΡΙΛΑΟΥ διαμέρισμα 3 ΔΣΤΚΛ τηλ. 538-423.

ΠΩΛΕΙΤΑΙ διαμ. 100 μ² στην Κρήνη τηλ. 538-423.

ΠΩΛΟΥΝΤΑΙ διαμερίσματα 50 έως 110 μ² τηλ. 538-423.

ΔΙΑΜΕΡΙΣΜΑΤΑ μικρά και μεγάλα τηλ. 538-423.

ΑΝΩ Τούμπα διαμ. 90 μ² τηλ. 525-550.

ΚΑΤΩ Τούμπα 80 μ² τηλ. 525-550.

ΧΑΡΙΛΑΟΥ 83 μ² 2 ΔΣΤΚΛ τηλ. 525-550.

ΑΓΙΑΣ Τριάδος 100 μ² τηλ. 525-550.

ΚΑΤΩ Τούμπα 75, 85, 110 μ² τηλ. 525-550.

ΚΑΡΑΜΠΟΥΡΝΑΚΙ 100 μ² τηλ. 525-550.

ΖΗΤΟΥΝΤΑΙ ακίνητα προς πώληση τηλ. 525-550.

ΝΑΜΠΑΝΤΗΣ	Πολίμους ακινήτων τηλ. 525-550.

ΔΙΑΜΕΡΙΣΜΑΤΑ 56, 60, 65, 68, 75 μ² τηλ. 525-550.

ΓΚΑΡΑΖ διαμ. 140 τ.μ. 2.250, 120, 95 μ² τηλ. 272-090.

ΚΑΤΑΣΤΗΜΑΤΑ 250, 200, 150 μ² τηλ. 272-090.

ΒΙΟΤΕΧΝΙΚΟ χώρο 1.300 μ² τηλ. 272-090.

ΠΩΛΕΙΤΑΙ ρετιρέ 150 μ² τηλ. 272-090.

ΠΩΛΕΙΤΑΙ διαμέρισμα 75 μ² τηλ. 272-090.

ΠΩΛΕΙΤΑΙ οικόπεδο 400 μ² τηλ. 272-090.

ΠΩΛΕΙΤΑΙ διαμ. 90 μ² τηλ. 272-090.

ΠΑΡΑΣΚΕΥΟΠΟΥΛΟΣ τεχνικό γραφείο τηλ. 305-666.

ΠΑΝΟΡΑΜΑ Σε πολυτελέστατο συγκρότημα 8 κατοικιών μακεδονικού αρχιτεκτονικού στυλ πωλούνται τηλ. 816-770.

ΠΩΛΕΙΤΑΙ διαμέρισμα 2ου ορόφου τηλ. 816-770.

ΣΠΗΛΙΟΠΟΥΛΟΣ Από την ευκαιρία κατασκευάζουν διαμερίσματα τηλ. 626-188.

ΠΩΛΕΙΤΑΙ οικόπεδο γωνιακό 350 μ² τηλ. 626-188.

ΨΑΡΟΠΟΥΛΟΣ 4 αμπελόχωρα, 540-719. Πωλούνται διαμερίσματα τηλ. 540-719.

ΠΩΛΕΙΤΑΙ διαμέρισμα 90 μ² 3ος όροφος τηλ. 540-719.

ΠΩΛΟΥΝΤΑΙ	λόγω αναχωρήσεως διαμερίσματα τηλ. 540-719.

ΠΩΛΟΥΝΤΑΙ κατοικία επί της Όλγας 125 μ² τηλ. 540-719.

ΕΛΕΥΘΕΡΙΑΔΗΣ	πωλείται διαμέρισμα 100 μ² τηλ. 540-719.

ΠΟΡΤΑΡΙΑ Νέκταρ πωλείται τηλ. 540-719.

ΠΡΟΣΟΧΗ	Πολυκατοικίας διαμερίσματα 2ου ορόφου τηλ. 540-719.

ΠΩΛΕΙΤΑΙ Πολυκατοικία 3 ορόφων 170 μ² τηλ. 540-719.

ΠΩΛΟΥΝΤΑΙ διαμερίσματα 2 ΔΣΤΚΛ τηλ. 514-265.

ΠΟΛΥΚΑΤΟΙΚΙΑ Αντιγονιδών 11 τηλ. 240-121.

ΠΩΛΟΥΝΤΑΙ διαμερίσματα 90 μ² τηλ. 240-121.

ΠΩΛΟΥΝΤΑΙ διαμερίσματα 100 μ² τηλ. 240-121.

ΠΩΛΟΥΝΤΑΙ διαμ. 120 μ² τηλ. 240-121.

ΠΩΛΕΙΤΑΙ διαμ. 65 μ² τηλ. 240-121.

ΠΩΛΟΥΝΤΑΙ	γκαρσονιέρες τηλ. 240-121.

ΠΩΛΟΥΝΤΑΙ	καταστήματα τηλ. 240-121.

ΠΩΛΟΥΝΤΑΙ διαμερίσματα σε πολυκατοικία τηλ. 240-121.

ΠΩΛΟΥΝΤΑΙ διαμερίσματα 75 μ² τηλ. 240-121.

ΕΥΚΑΙΡΙΑ πωλούνται στη Νέα Κρήνη τηλ. 240-121.

ΠΡΟΣΟΧΗ έμπειροι τεχνικοί τηλ. 240-121.

ΠΩΛΕΙΤΑΙ διαμ. 100 μ² τηλ. 240-121.

ΠΩΛΟΥΝΤΑΙ κατασκευαστικής εταιρίας τηλ. 240-121.

ΠΩΛΕΙΤΑΙ διαμέρισμα 150 μ² τηλ. 240-121.

ΠΩΛΟΥΝΤΑΙ διαμερίσματα τηλ. 240-121.

ΠΩΛΕΙΤΑΙ ρετιρέ 80 μ² τηλ. 240-121.

ΠΟΥΝΤΑΙ διαμερίσματα νέα τηλ. 240-121.

ΓΩΝΙΑΚΟ κατάστημα 26 τ.μ. τηλ. 417-476.

ΠΩΛΟΥΝΤΑΙ κτήματα 400 μ² και άνω στην Ν. Χαλκηδόνα τηλ. 841-524.

ΖΗΤΕΙΤΑΙ κατ. προς αγορά στη Μουδανιών τηλ. 841-524.

ΠΩΛΕΙΤΑΙ έτοιμο διαμέρισμα 2ου ορόφου τηλ. 841-524.

ΠΩΛΕΙΤΑΙ βίλλα επί της Πυλαίας τηλ. 841-524.

ΠΩΛΕΙΤΑΙ διαμέρισμα 2 ΔΣΤΚΛ τηλ. 841-524.

ΠΩΛΟΥΝΤΑΙ 2 διαμερίσματα τηλ. 841-524.

ΚΑΛΑΜΑΡΙΑ	μεγάλο διαμέρισμα τηλ. 416-702.

ΛΟΓΩ αναχωρήσεως πωλείται τηλ. 529-603.

ΠΩΛΟΥΝΤΑΙ διαμερίσματα τηλ. 818-691.

ΣΤΗΝ Καλαμαριά έτοιμα διαμερίσματα τηλ. 818-691.

ΠΩΛΕΙΤΑΙ οικόπεδο στην Αρετσού τηλ. 818-691.

ΔΙΓΚΑΒΕΣ Ξενοδοχείο τηλ. 818-691.

ΠΩΛΟΥΝΤΑΙ διαμερίσματα 75, 80, 86 μ² τηλ. 818-691.

ΠΩΛΟΥΝΤΑΙ διαμερίσματα έτοιμα τηλ. 222-151.

ΠΩΛΕΙΤΑΙ διαμέρισμα 120 μ² τηλ. 527-628.

ΠΩΛΕΙΤΑΙ Αποταμιεύσεις 90 μ² τηλ. 527-628.

ΠΩΛΕΙΤΑΙ Χαλκιδική βίλλα 100 μ² τηλ. 527-628.

ΠΩΛΕΙΤΑΙ έτοιμο διαμέρισμα τηλ. 527-628.

ΠΩΛΕΙΤΑΙ γραφεία στο κέντρο τηλ. 527-628.

ΖΗΤΕΙΤΑΙ	Γεώργιος διαμέρισμα τηλ. 842-136.

ΔΙΑΜΕΡΙΣΜΑΤΑ πωλούνται τηλ. 842-136.

ΠΩΛΟΥΝΤΑΙ και πολυτελή τηλ. 842-136.

ΠΩΛΟΥΝΤΑΙ διαμέρισμα τηλ. 842-136.

ΠΩΛΟΥΝΤΑΙ οικόπεδα τηλ. 842-136.

ΠΩΛΟΥΝΤΑΙ και διαμερίσματα τηλ. 528-754.

ΠΩΛΟΥΝΤΑΙ	έτοιμα διαμερίσματα τηλ. 528-754.

ΜΑΝΤΖΟΥΡΑΝΗ πολυκατοικία τηλ. 221-758.

ΙΔΙΟΚΤΗΤΗΣ	πωλεί διαμερίσματα τηλ. 221-758.

ΠΩΛΟΥΝΤΑΙ διαμερίσματα τηλ. 221-758.

ΠΩΛΟΥΝΤΑΙ διαμερίσματα τηλ. 233-323.

ΤΣΕΟΥΡΗΣ ακίνητα τηλ. 263-651.

ΦΙΛΙΠΠΟΝ πωλείται τηλ. 263-651.

ΠΩΛΟΥΝΤΑΙ διαμερίσματα τηλ. 263-651.

ΜΟΝΟΚΑΤΟΙΚΙΑ στην Κρήνη τηλ. 836-500.

ΠΩΛΟΥΝΤΑΙ διαμερίσματα τηλ. 836-500.

ΠΩΛΕΙΤΑΙ διαμέρισμα τηλ. 836-500.

ΠΑΡΑΧΩΡΟΥΝΤΑΙ διαμερίσματα τηλ. 836-500.

Η ΣΥΝΕΧΕΙΑ ΣΤΗ 10η ΣΕΛΙΔΑ
